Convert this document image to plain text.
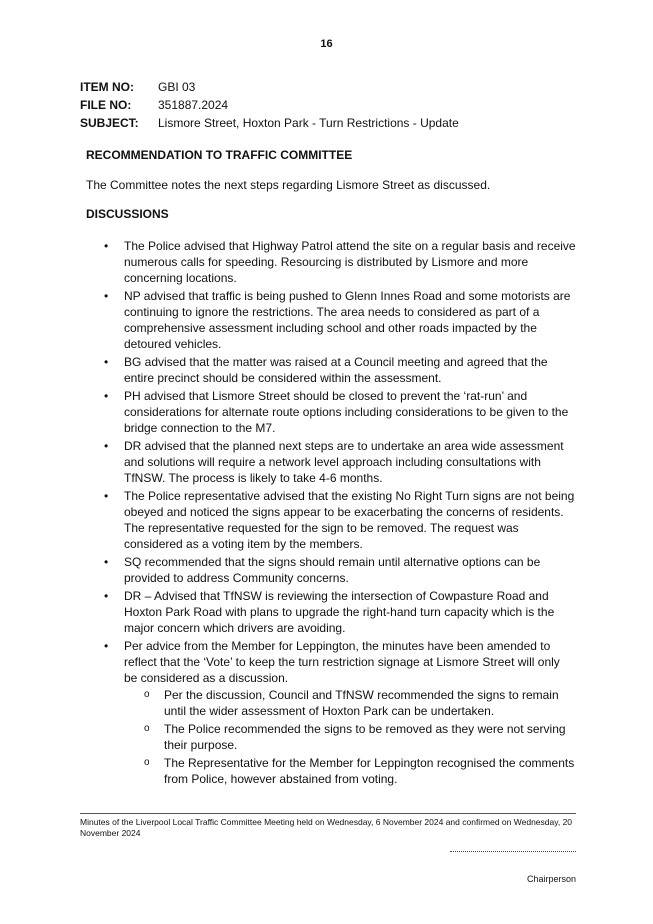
16
ITEM NO:	GBI 03
FILE NO:	351887.2024
SUBJECT:	Lismore Street, Hoxton Park - Turn Restrictions - Update
RECOMMENDATION TO TRAFFIC COMMITTEE
The Committee notes the next steps regarding Lismore Street as discussed.
DISCUSSIONS
• The Police advised that Highway Patrol attend the site on a regular basis and receive numerous calls for speeding. Resourcing is distributed by Lismore and more concerning locations.
• NP advised that traffic is being pushed to Glenn Innes Road and some motorists are continuing to ignore the restrictions. The area needs to considered as part of a comprehensive assessment including school and other roads impacted by the detoured vehicles.
• BG advised that the matter was raised at a Council meeting and agreed that the entire precinct should be considered within the assessment.
• PH advised that Lismore Street should be closed to prevent the ‘rat-run’ and considerations for alternate route options including considerations to be given to the bridge connection to the M7.
• DR advised that the planned next steps are to undertake an area wide assessment and solutions will require a network level approach including consultations with TfNSW. The process is likely to take 4-6 months.
• The Police representative advised that the existing No Right Turn signs are not being obeyed and noticed the signs appear to be exacerbating the concerns of residents. The representative requested for the sign to be removed. The request was considered as a voting item by the members.
• SQ recommended that the signs should remain until alternative options can be provided to address Community concerns.
• DR – Advised that TfNSW is reviewing the intersection of Cowpasture Road and Hoxton Park Road with plans to upgrade the right-hand turn capacity which is the major concern which drivers are avoiding.
• Per advice from the Member for Leppington, the minutes have been amended to reflect that the ‘Vote’ to keep the turn restriction signage at Lismore Street will only be considered as a discussion.
o Per the discussion, Council and TfNSW recommended the signs to remain until the wider assessment of Hoxton Park can be undertaken.
o The Police recommended the signs to be removed as they were not serving their purpose.
o The Representative for the Member for Leppington recognised the comments from Police, however abstained from voting.
Minutes of the Liverpool Local Traffic Committee Meeting held on Wednesday, 6 November 2024 and confirmed on Wednesday, 20 November 2024
Chairperson
